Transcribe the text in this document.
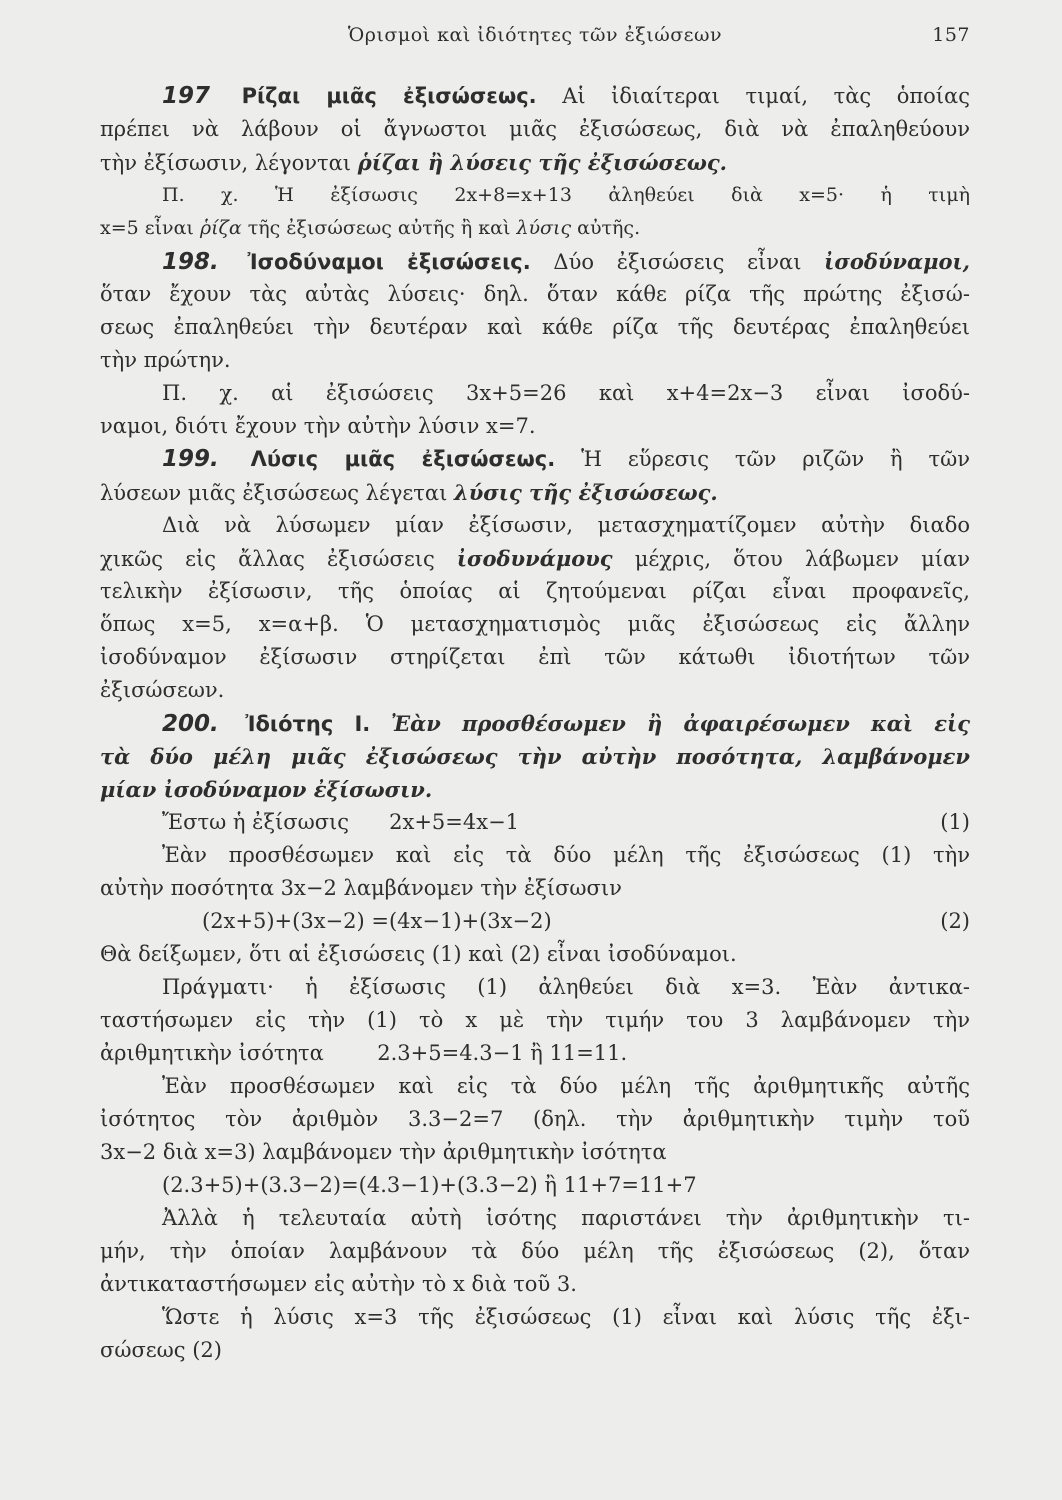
Ὁρισμοὶ καὶ ἰδιότητες τῶν ἐξιώσεων	157
197 Ρίζαι μιᾶς ἐξισώσεως. Αἱ ἰδιαίτεραι τιμαί, τὰς ὁποίας
πρέπει νὰ λάβουν οἱ ἄγνωστοι μιᾶς ἐξισώσεως, διὰ νὰ ἐπαληθεύουν
τὴν ἐξίσωσιν, λέγονται ῥίζαι ἢ λύσεις τῆς ἐξισώσεως.
Π. χ. Ἡ ἐξίσωσις 2x+8=x+13 ἀληθεύει διὰ x=5· ἡ τιμὴ
x=5 εἶναι ῥίζα τῆς ἐξισώσεως αὐτῆς ἢ καὶ λύσις αὐτῆς.
198. Ἰσοδύναμοι ἐξισώσεις. Δύο ἐξισώσεις εἶναι ἰσοδύναμοι,
ὅταν ἔχουν τὰς αὐτὰς λύσεις· δηλ. ὅταν κάθε ρίζα τῆς πρώτης ἐξισώ-
σεως ἐπαληθεύει τὴν δευτέραν καὶ κάθε ρίζα τῆς δευτέρας ἐπαληθεύει
τὴν πρώτην.
Π. χ. αἱ ἐξισώσεις 3x+5=26 καὶ x+4=2x−3 εἶναι ἰσοδύ-
ναμοι, διότι ἔχουν τὴν αὐτὴν λύσιν x=7.
199. Λύσις μιᾶς ἐξισώσεως. Ἡ εὕρεσις τῶν ριζῶν ἢ τῶν
λύσεων μιᾶς ἐξισώσεως λέγεται λύσις τῆς ἐξισώσεως.
Διὰ νὰ λύσωμεν μίαν ἐξίσωσιν, μετασχηματίζομεν αὐτὴν διαδο
χικῶς εἰς ἄλλας ἐξισώσεις ἰσοδυνάμους μέχρις, ὅτου λάβωμεν μίαν
τελικὴν ἐξίσωσιν, τῆς ὁποίας αἱ ζητούμεναι ρίζαι εἶναι προφανεῖς,
ὅπως x=5, x=α+β. Ὁ μετασχηματισμὸς μιᾶς ἐξισώσεως εἰς ἄλλην
ἰσοδύναμον ἐξίσωσιν στηρίζεται ἐπὶ τῶν κάτωθι ἰδιοτήτων τῶν
ἐξισώσεων.
200. Ἰδιότης I. Ἐὰν προσθέσωμεν ἢ ἀφαιρέσωμεν καὶ εἰς
τὰ δύο μέλη μιᾶς ἐξισώσεως τὴν αὐτὴν ποσότητα, λαμβάνομεν
μίαν ἰσοδύναμον ἐξίσωσιν.
Ἔστω ἡ ἐξίσωσις 2x+5=4x−1	(1)
Ἐὰν προσθέσωμεν καὶ εἰς τὰ δύο μέλη τῆς ἐξισώσεως (1) τὴν
αὐτὴν ποσότητα 3x−2 λαμβάνομεν τὴν ἐξίσωσιν
(2x+5)+(3x−2) =(4x−1)+(3x−2)	(2)
Θὰ δείξωμεν, ὅτι αἱ ἐξισώσεις (1) καὶ (2) εἶναι ἰσοδύναμοι.
Πράγματι· ἡ ἐξίσωσις (1) ἀληθεύει διὰ x=3. Ἐὰν ἀντικα-
ταστήσωμεν εἰς τὴν (1) τὸ x μὲ τὴν τιμήν του 3 λαμβάνομεν τὴν
ἀριθμητικὴν ἰσότητα	2.3+5=4.3−1 ἢ 11=11.
Ἐὰν προσθέσωμεν καὶ εἰς τὰ δύο μέλη τῆς ἀριθμητικῆς αὐτῆς
ἰσότητος τὸν ἀριθμὸν 3.3−2=7 (δηλ. τὴν ἀριθμητικὴν τιμὴν τοῦ
3x−2 διὰ x=3) λαμβάνομεν τὴν ἀριθμητικὴν ἰσότητα
(2.3+5)+(3.3−2)=(4.3−1)+(3.3−2) ἢ 11+7=11+7
Ἀλλὰ ἡ τελευταία αὐτὴ ἰσότης παριστάνει τὴν ἀριθμητικὴν τι-
μήν, τὴν ὁποίαν λαμβάνουν τὰ δύο μέλη τῆς ἐξισώσεως (2), ὅταν
ἀντικαταστήσωμεν εἰς αὐτὴν τὸ x διὰ τοῦ 3.
Ὥστε ἡ λύσις x=3 τῆς ἐξισώσεως (1) εἶναι καὶ λύσις τῆς ἐξι-
σώσεως (2)
